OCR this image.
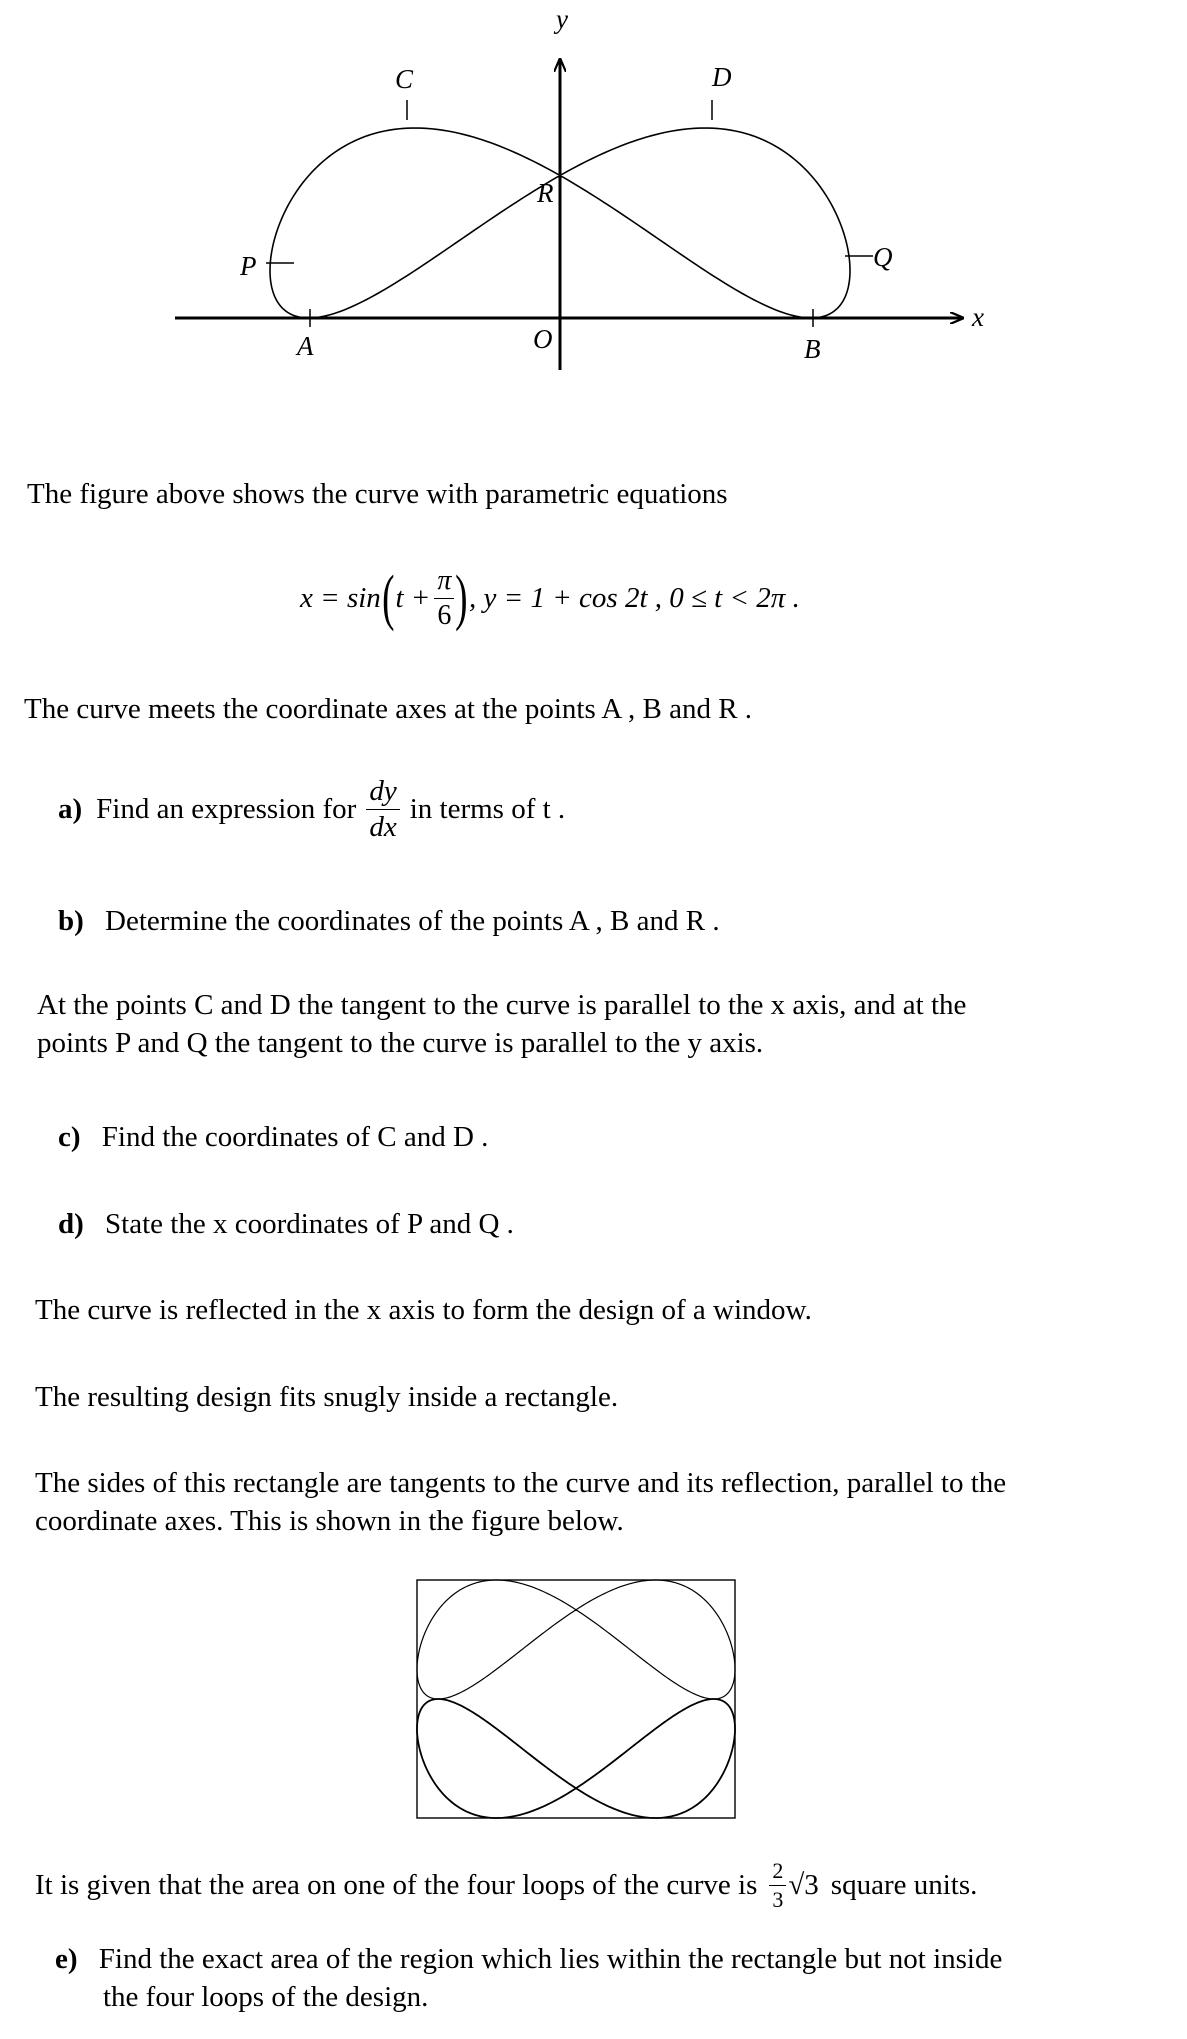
y
x
C	D
R
P	Q
A	O	B
The figure above shows the curve with parametric equations
x = sin ( $t + \frac{\pi}{6}$ ) , y = 1 + cos 2t , 0 ≤ t < 2π .
The curve meets the coordinate axes at the points A , B and R .
a) Find an expression for $\frac{dy}{dx}$ in terms of t .
b) Determine the coordinates of the points A , B and R .
At the points C and D the tangent to the curve is parallel to the x axis, and at the
points P and Q the tangent to the curve is parallel to the y axis.
c) Find the coordinates of C and D .
d) State the x coordinates of P and Q .
The curve is reflected in the x axis to form the design of a window.
The resulting design fits snugly inside a rectangle.
The sides of this rectangle are tangents to the curve and its reflection, parallel to the
coordinate axes. This is shown in the figure below.
It is given that the area on one of the four loops of the curve is $\frac{2}{3} √3$ square units.
e) Find the exact area of the region which lies within the rectangle but not inside
the four loops of the design.
